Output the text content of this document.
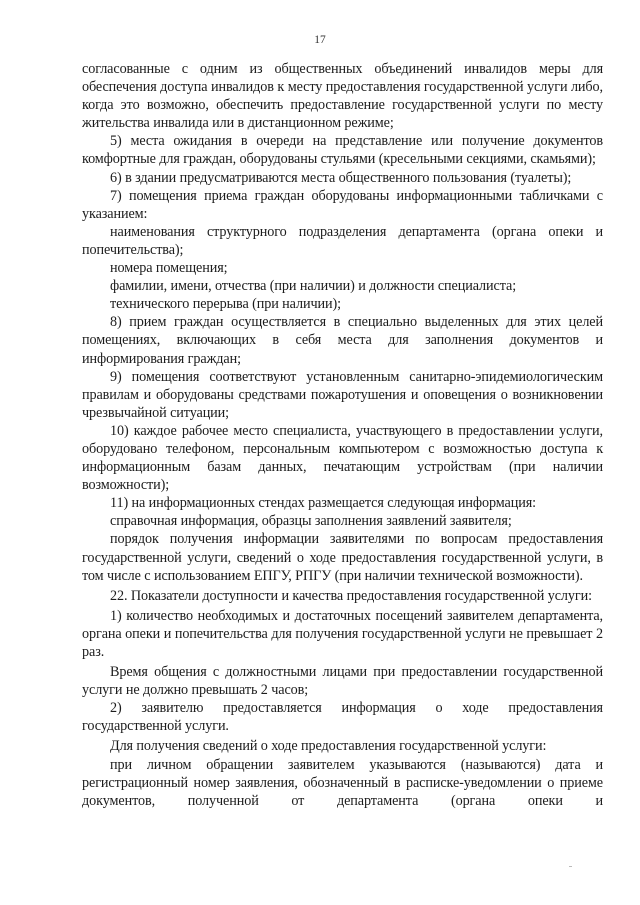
17

согласованные с одним из общественных объединений инвалидов меры для обеспечения доступа инвалидов к месту предоставления государственной услуги либо, когда это возможно, обеспечить предоставление государственной услуги по месту жительства инвалида или в дистанционном режиме;

5) места ожидания в очереди на представление или получение документов комфортные для граждан, оборудованы стульями (кресельными секциями, скамьями);

6) в здании предусматриваются места общественного пользования (туалеты);

7) помещения приема граждан оборудованы информационными табличками с указанием:

наименования структурного подразделения департамента (органа опеки и попечительства);

номера помещения;

фамилии, имени, отчества (при наличии) и должности специалиста;

технического перерыва (при наличии);

8) прием граждан осуществляется в специально выделенных для этих целей помещениях, включающих в себя места для заполнения документов и информирования граждан;

9) помещения соответствуют установленным санитарно-эпидемиологическим правилам и оборудованы средствами пожаротушения и оповещения о возникновении чрезвычайной ситуации;

10) каждое рабочее место специалиста, участвующего в предоставлении услуги, оборудовано телефоном, персональным компьютером с возможностью доступа к информационным базам данных, печатающим устройствам (при наличии возможности);

11) на информационных стендах размещается следующая информация:

справочная информация, образцы заполнения заявлений заявителя;

порядок получения информации заявителями по вопросам предоставления государственной услуги, сведений о ходе предоставления государственной услуги, в том числе с использованием ЕПГУ, РПГУ (при наличии технической возможности).

22. Показатели доступности и качества предоставления государственной услуги:

1) количество необходимых и достаточных посещений заявителем департамента, органа опеки и попечительства для получения государственной услуги не превышает 2 раз.

Время общения с должностными лицами при предоставлении государственной услуги не должно превышать 2 часов;

2) заявителю предоставляется информация о ходе предоставления государственной услуги.

Для получения сведений о ходе предоставления государственной услуги:

при личном обращении заявителем указываются (называются) дата и регистрационный номер заявления, обозначенный в расписке-уведомлении о приеме документов, полученной от департамента (органа опеки и
